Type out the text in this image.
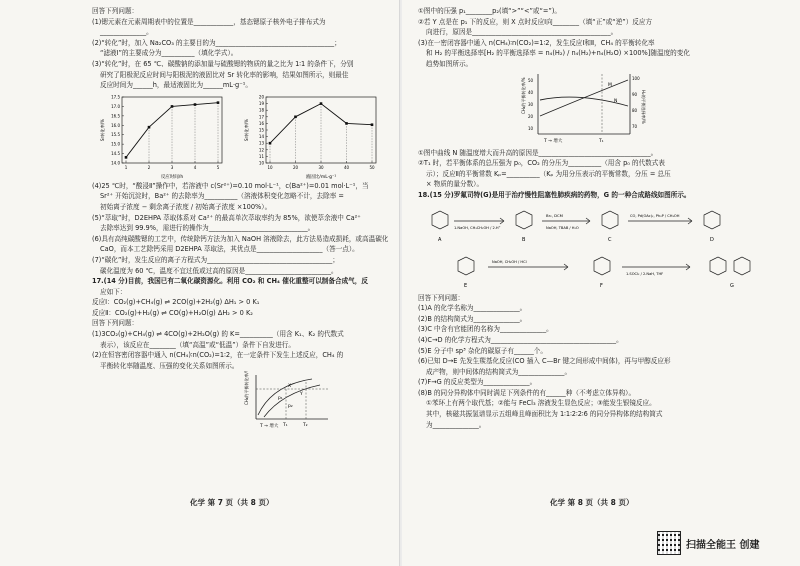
回答下列问题：
(1)锶元素在元素周期表中的位置是____________，基态锶原子核外电子排布式为
______________。
(2)“转化”时，加入 Na₂CO₃ 的主要目的为____________________________________；
“滤液Ⅰ”的主要成分为__________（填化学式）。
(3)“转化”时，在 65 ℃、碳酸钠的添加量与硫酸锶的物质的量之比为 1∶1 的条件下，分别
研究了阳极泥反应时间与阳极泥的液固比对 Sr 转化率的影响，结果如图所示，则最佳
反应时间为______h，最适液固比为______mL·g⁻¹。
14.0
14.5
15.0
15.5
16.0
16.5
17.0
17.5
1	2	3	4	5
反应时间/h
Sr转化率/%
10
11
12
13
14
15
16
17
18
19
20
10	20	30	40	50
液固比/mL·g⁻¹
Sr转化率/%
(4)25 ℃时，“酸浸Ⅱ”操作中，若溶液中 c(Sr²⁺)=0.10 mol·L⁻¹，c(Ba²⁺)=0.01 mol·L⁻¹，当
Sr²⁺ 开始沉淀时，Ba²⁺ 的去除率为__________（溶液体积变化忽略不计，去除率 =
初始离子浓度 − 剩余离子浓度 / 初始离子浓度 ×100%）。
(5)“萃取”时，D2EHPA 萃取体系对 Ca²⁺ 的最高单次萃取率约为 85%，欲使萃余液中 Ca²⁺
去除率达到 99.9%，需进行的操作为______________________________。
(6)具有高纯碳酸锶的工艺中，传统除钙方法为加入 NaOH 溶液除去，此方法易造成损耗，或高温碳化
CaO，而本工艺除钙采用 D2EHPA 萃取法，其优点是____________________（答一点）。
(7)“碳化”时，发生反应的离子方程式为______________________________________；
碳化温度为 60 ℃，温度不宜过低或过高的原因是__________________________。
17.(14 分)目前，我国已有二氧化碳资源化。利用 CO₂ 和 CH₄ 催化重整可以制备合成气，反
应如下：
反应Ⅰ：CO₂(g)+CH₄(g) ⇌ 2CO(g)+2H₂(g) ΔH₁ > 0 K₁
反应Ⅱ：CO₂(g)+H₂(g) ⇌ CO(g)+H₂O(g) ΔH₂ > 0 K₂
回答下列问题：
(1)3CO₂(g)+CH₄(g) ⇌ 4CO(g)+2H₂O(g) 的 K=__________（用含 K₁、K₂ 的代数式
表示），该反应在________（填“高温”或“低温”）条件下自发进行。
(2)在恒容密闭容器中通入 n(CH₄)∶n(CO₂)=1∶2，在一定条件下发生上述反应，CH₄ 的
平衡转化率随温度、压强的变化关系如图所示。
CH₄的平衡转化率/%
T → 增大
p₁
p₂
X
Y
T₁	T₂
化学 第 7 页（共 8 页）
①图中的压强 p₁________p₂(填“>”“<”或“=”)。
②若 Y 点是在 p₁ 下的反应，则 X 点时反应Ⅰ向________（填“正”或“逆”）反应方
向进行，原因是__________________________________________。
(3)在一密闭容器中通入 n(CH₄)∶n(CO₂)=1∶2，发生反应Ⅰ和Ⅱ，CH₄ 的平衡转化率
和 H₂ 的平衡选择率[H₂ 的平衡选择率 = n₄(H₂) / n₄(H₂)+n₄(H₂O) ×100%]随温度的变化
趋势如图所示。
CH₄的平衡转化率/%	H₂的平衡选择率/%
10
20
30
40
50
70
80
90
100
M
N
T → 增大	T₁
①图中曲线 N 随温度增大而升高的原因是__________________________________。
②T₁ 时，若平衡体系的总压强为 p₀，CO₂ 的分压为__________（用含 p₀ 的代数式表
示）；反应Ⅱ的平衡常数 Kₚ=__________（Kₚ 为用分压表示的平衡常数，分压 = 总压
× 物质的量分数）。
18.(15 分)罗氟司特(G)是用于治疗慢性阻塞性肺疾病的药物，G 的一种合成路线如图所示。
A	B	C	D
1.NaOH, CH₃CH₂OH / 2.H⁺
Br₂, DCM
NaOH, TBAB / H₂O
CO, Pd(OAc)₂, Ph₃P / CH₃OH
E	F	G
NaOH, CH₃OH / HCl
1.SOCl₂ / 2.NaH, THF
回答下列问题：
(1)A 的化学名称为______________。
(2)B 的结构简式为______________。
(3)C 中含有官能团的名称为______________。
(4)C→D 的化学方程式为______________________________________。
(5)E 分子中 sp³ 杂化的碳原子有______个。
(6)已知 D→E 先发生羰基化反应(CO 插入 C—Br 键之间形成中间体)，再与甲醇反应形
成产物，则中间体的结构简式为______________。
(7)F→G 的反应类型为______________。
(8)B 的同分异构体中同时满足下列条件的有______种（不考虑立体异构）。
①苯环上有两个取代基；②能与 FeCl₃ 溶液发生显色反应；③能发生银镜反应。
其中，核磁共振氢谱显示五组峰且峰面积比为 1∶1∶2∶2∶6 的同分异构体的结构简式
为______________。
化学 第 8 页（共 8 页）
扫描全能王 创建
